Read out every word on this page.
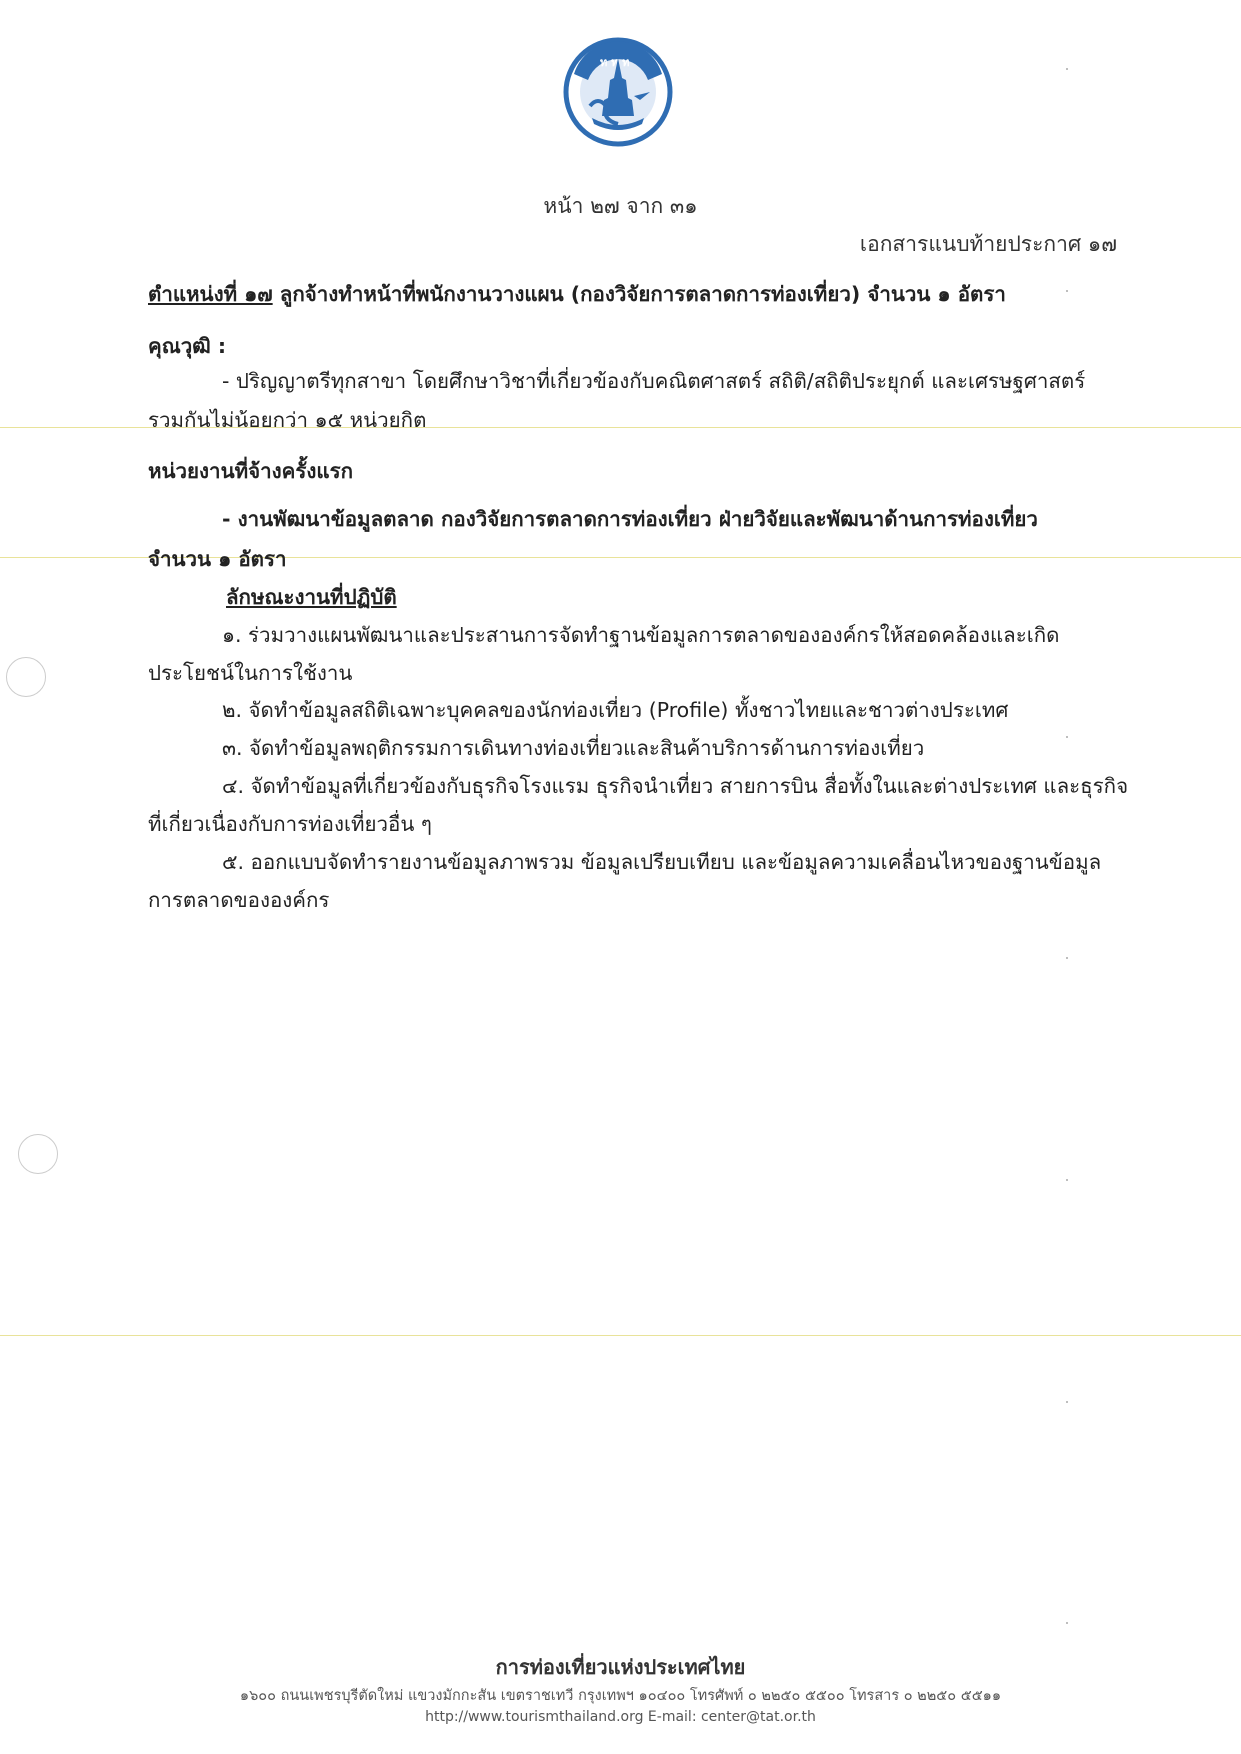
ท ท ท
หน้า ๒๗ จาก ๓๑
เอกสารแนบท้ายประกาศ ๑๗
ตำแหน่งที่ ๑๗ ลูกจ้างทำหน้าที่พนักงานวางแผน (กองวิจัยการตลาดการท่องเที่ยว) จำนวน ๑ อัตรา
คุณวุฒิ :
- ปริญญาตรีทุกสาขา โดยศึกษาวิชาที่เกี่ยวข้องกับคณิตศาสตร์ สถิติ/สถิติประยุกต์ และเศรษฐศาสตร์
รวมกันไม่น้อยกว่า ๑๕ หน่วยกิต
หน่วยงานที่จ้างครั้งแรก
- งานพัฒนาข้อมูลตลาด กองวิจัยการตลาดการท่องเที่ยว ฝ่ายวิจัยและพัฒนาด้านการท่องเที่ยว
จำนวน ๑ อัตรา
ลักษณะงานที่ปฏิบัติ
๑. ร่วมวางแผนพัฒนาและประสานการจัดทำฐานข้อมูลการตลาดขององค์กรให้สอดคล้องและเกิด
ประโยชน์ในการใช้งาน
๒. จัดทำข้อมูลสถิติเฉพาะบุคคลของนักท่องเที่ยว (Profile) ทั้งชาวไทยและชาวต่างประเทศ
๓. จัดทำข้อมูลพฤติกรรมการเดินทางท่องเที่ยวและสินค้าบริการด้านการท่องเที่ยว
๔. จัดทำข้อมูลที่เกี่ยวข้องกับธุรกิจโรงแรม ธุรกิจนำเที่ยว สายการบิน สื่อทั้งในและต่างประเทศ และธุรกิจ
ที่เกี่ยวเนื่องกับการท่องเที่ยวอื่น ๆ
๕. ออกแบบจัดทำรายงานข้อมูลภาพรวม ข้อมูลเปรียบเทียบ และข้อมูลความเคลื่อนไหวของฐานข้อมูล
การตลาดขององค์กร
การท่องเที่ยวแห่งประเทศไทย
๑๖๐๐ ถนนเพชรบุรีตัดใหม่ แขวงมักกะสัน เขตราชเทวี กรุงเทพฯ ๑๐๔๐๐ โทรศัพท์ ๐ ๒๒๕๐ ๕๕๐๐ โทรสาร ๐ ๒๒๕๐ ๕๕๑๑
http://www.tourismthailand.org E-mail: center@tat.or.th
